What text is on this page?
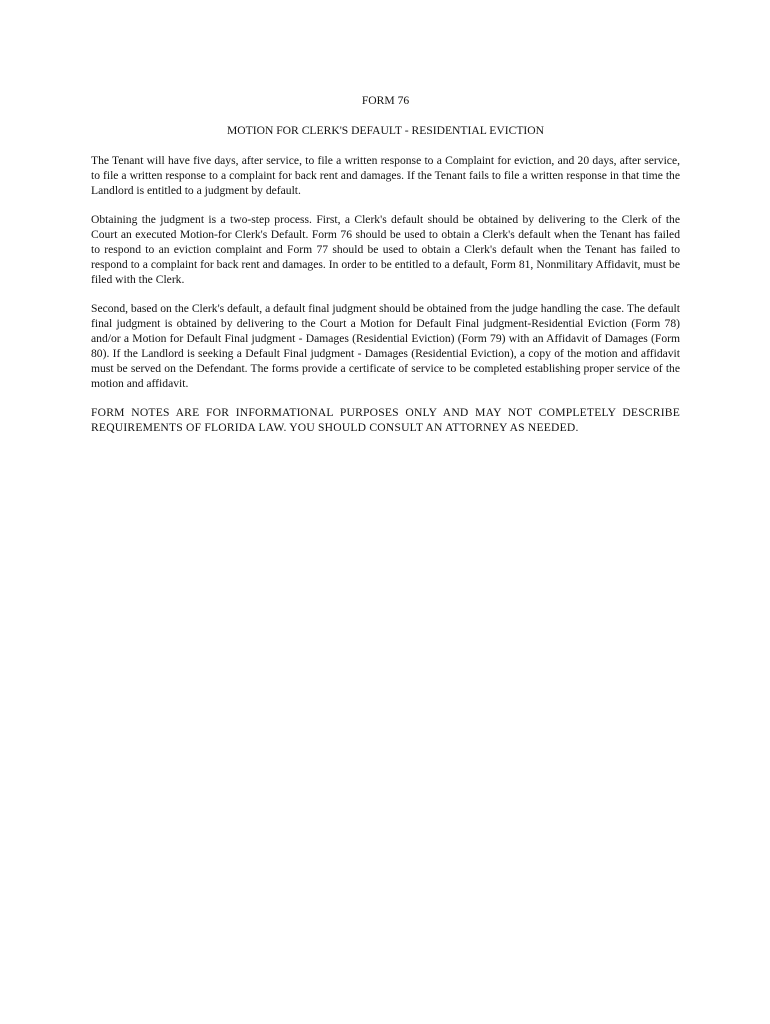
FORM 76
MOTION FOR CLERK'S DEFAULT - RESIDENTIAL EVICTION

The Tenant will have five days, after service, to file a written response to a Complaint for eviction, and 20 days, after service, to file a written response to a complaint for back rent and damages. If the Tenant fails to file a written response in that time the Landlord is entitled to a judgment by default.

Obtaining the judgment is a two-step process. First, a Clerk's default should be obtained by delivering to the Clerk of the Court an executed Motion-for Clerk's Default. Form 76 should be used to obtain a Clerk's default when the Tenant has failed to respond to an eviction complaint and Form 77 should be used to obtain a Clerk's default when the Tenant has failed to respond to a complaint for back rent and damages. In order to be entitled to a default, Form 81, Nonmilitary Affidavit, must be filed with the Clerk.

Second, based on the Clerk's default, a default final judgment should be obtained from the judge handling the case. The default final judgment is obtained by delivering to the Court a Motion for Default Final judgment-Residential Eviction (Form 78) and/or a Motion for Default Final judgment - Damages (Residential Eviction) (Form 79) with an Affidavit of Damages (Form 80). If the Landlord is seeking a Default Final judgment - Damages (Residential Eviction), a copy of the motion and affidavit must be served on the Defendant. The forms provide a certificate of service to be completed establishing proper service of the motion and affidavit.

FORM NOTES ARE FOR INFORMATIONAL PURPOSES ONLY AND MAY NOT COMPLETELY DESCRIBE REQUIREMENTS OF FLORIDA LAW. YOU SHOULD CONSULT AN ATTORNEY AS NEEDED.
